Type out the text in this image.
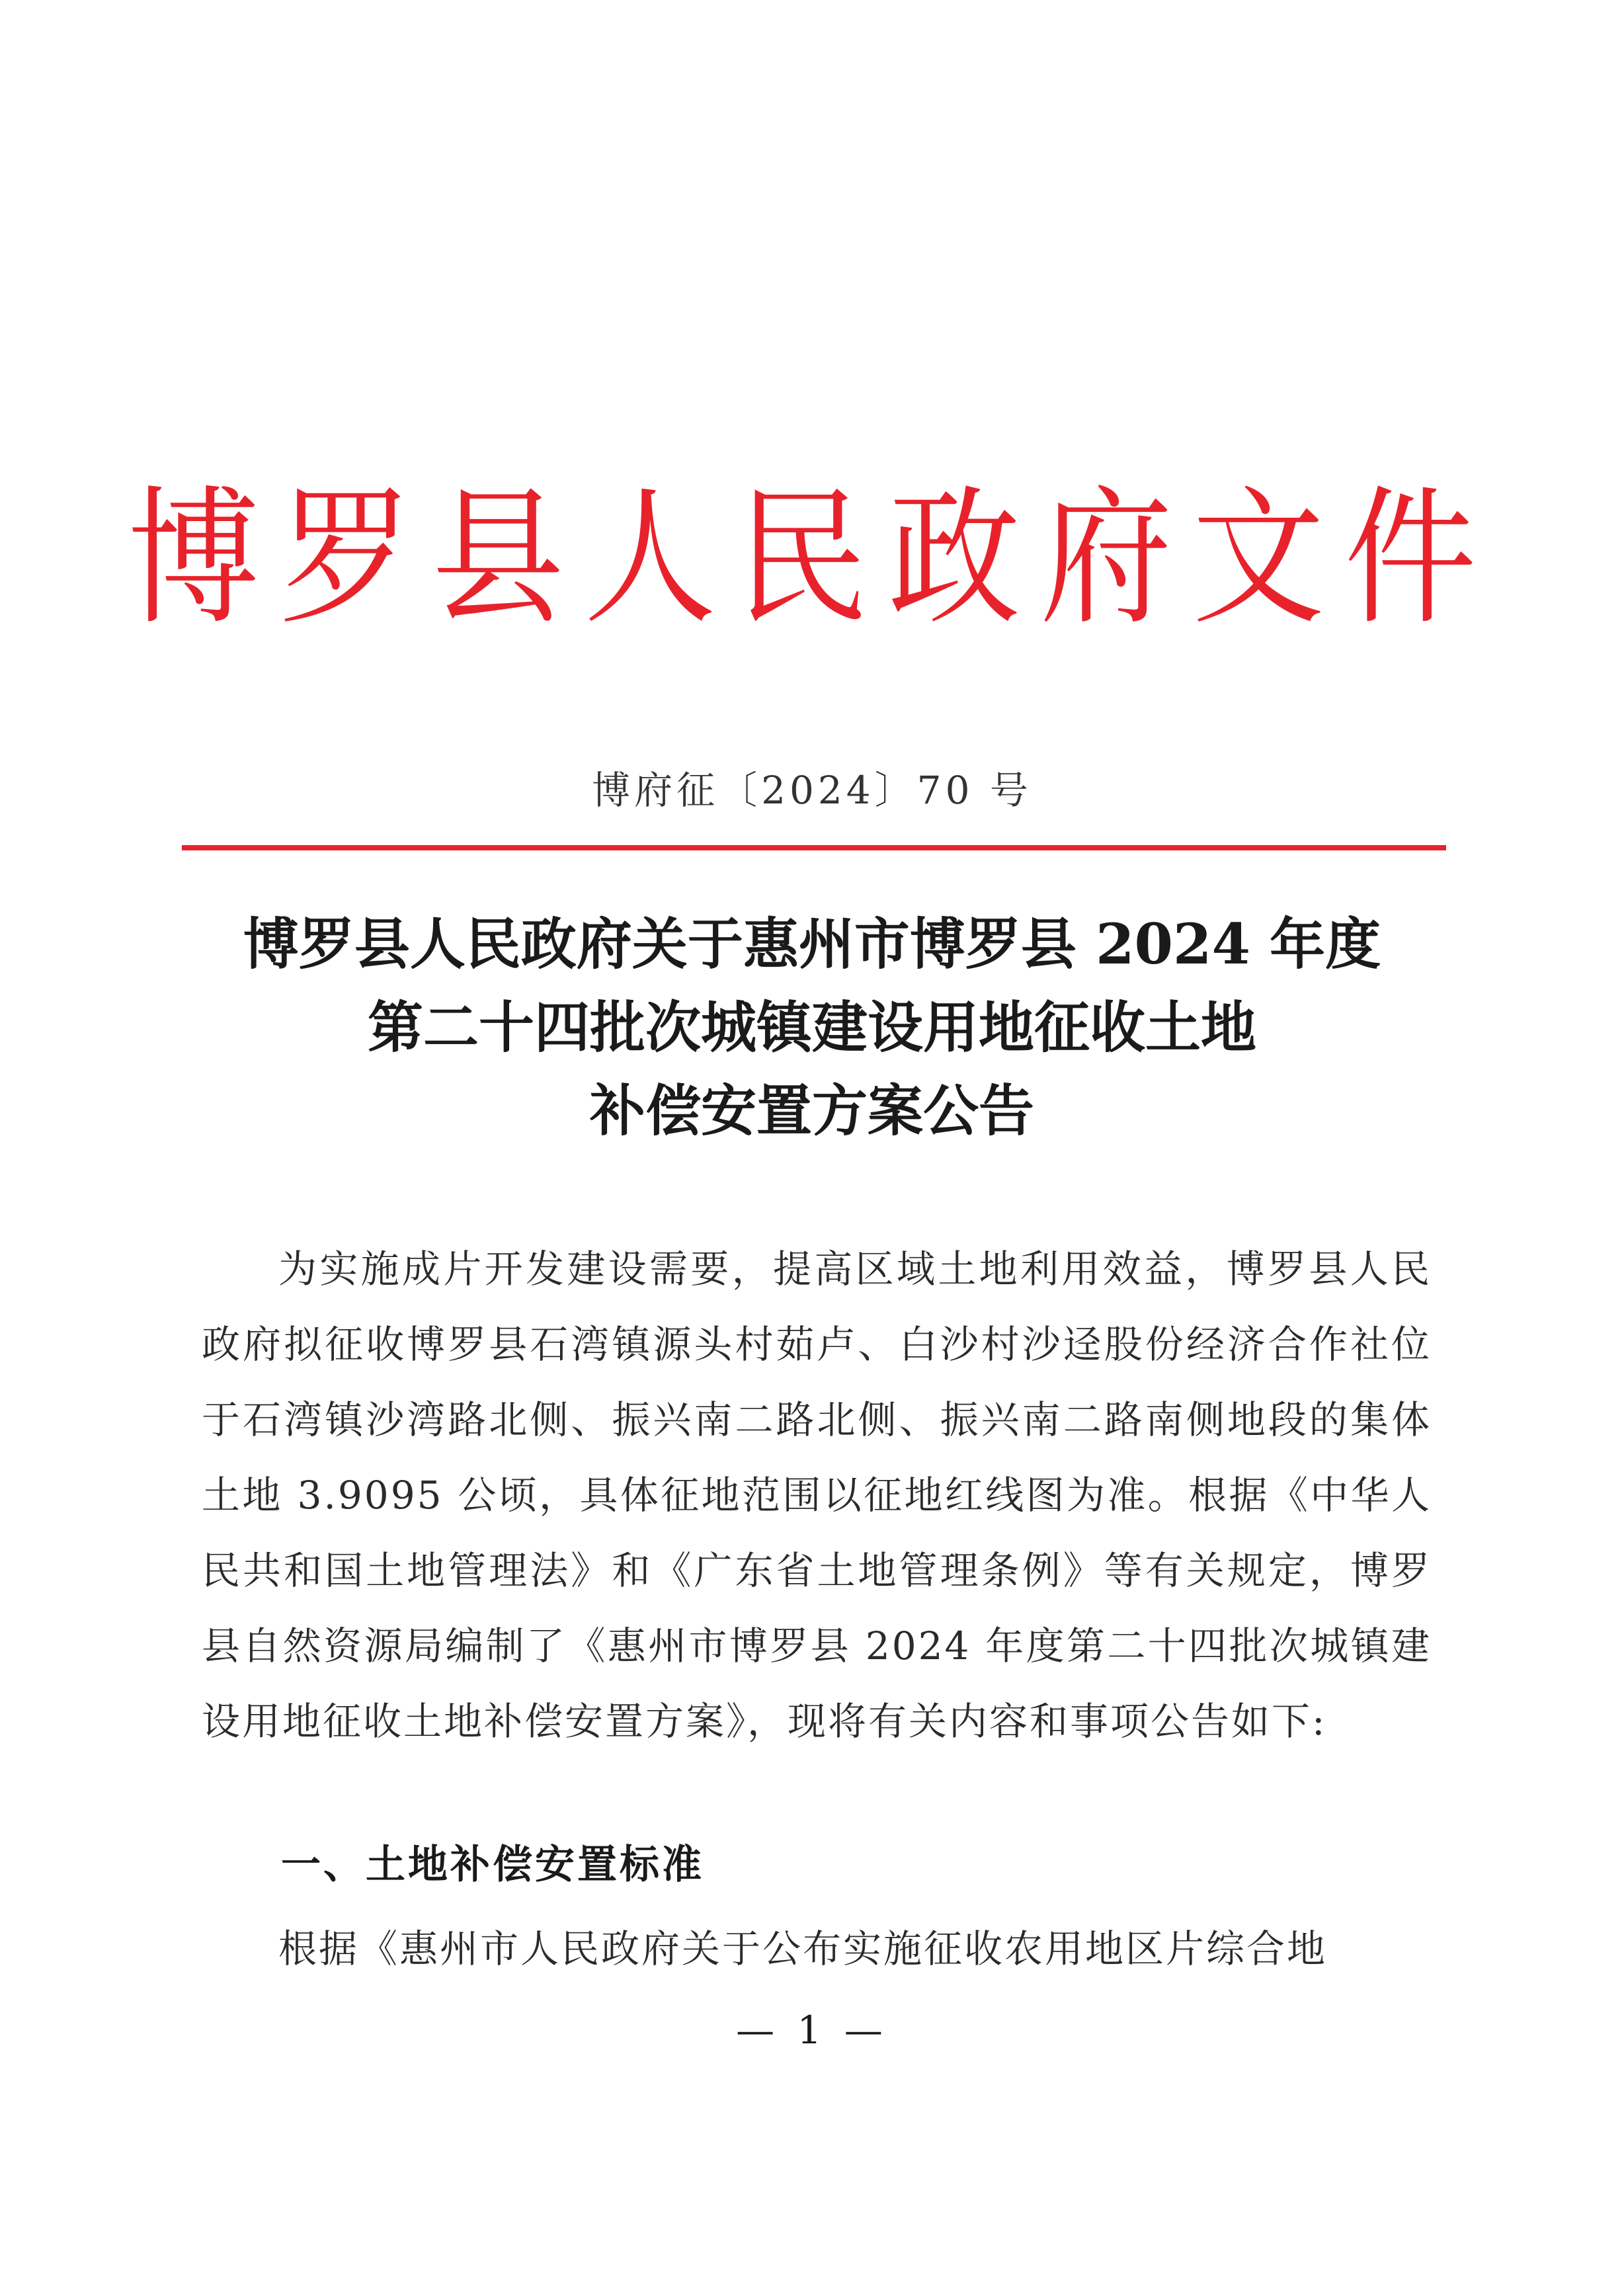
博罗县人民政府文件
博府征〔2024〕70 号
博罗县人民政府关于惠州市博罗县 2024 年度
第二十四批次城镇建设用地征收土地
补偿安置方案公告

为实施成片开发建设需要，提高区域土地利用效益，博罗县人民政府拟征收博罗县石湾镇源头村茹卢、白沙村沙迳股份经济合作社位于石湾镇沙湾路北侧、振兴南二路北侧、振兴南二路南侧地段的集体土地 3.9095 公顷，具体征地范围以征地红线图为准。根据《中华人民共和国土地管理法》和《广东省土地管理条例》等有关规定，博罗县自然资源局编制了《惠州市博罗县 2024 年度第二十四批次城镇建设用地征收土地补偿安置方案》，现将有关内容和事项公告如下:

一、土地补偿安置标准

根据《惠州市人民政府关于公布实施征收农用地区片综合地

— 1 —
